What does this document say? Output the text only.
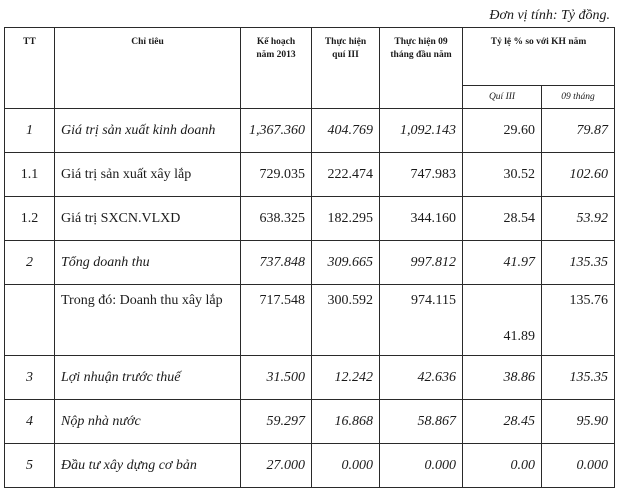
Đơn vị tính: Tỷ đồng.
TT	Chỉ tiêu	Kế hoạch năm 2013	Thực hiện quí III	Thực hiện 09 tháng đầu năm	Tỷ lệ % so với KH năm	
					Quí III	09 tháng
1	Giá trị sản xuất kinh doanh	1,367.360	404.769	1,092.143	29.60	79.87
1.1	Giá trị sản xuất xây lắp	729.035	222.474	747.983	30.52	102.60
1.2	Giá trị SXCN.VLXD	638.325	182.295	344.160	28.54	53.92
2	Tổng doanh thu	737.848	309.665	997.812	41.97	135.35
	Trong đó: Doanh thu xây lắp	717.548	300.592	974.115	41.89	135.76
3	Lợi nhuận trước thuế	31.500	12.242	42.636	38.86	135.35
4	Nộp nhà nước	59.297	16.868	58.867	28.45	95.90
5	Đầu tư xây dựng cơ bản	27.000	0.000	0.000	0.00	0.000
